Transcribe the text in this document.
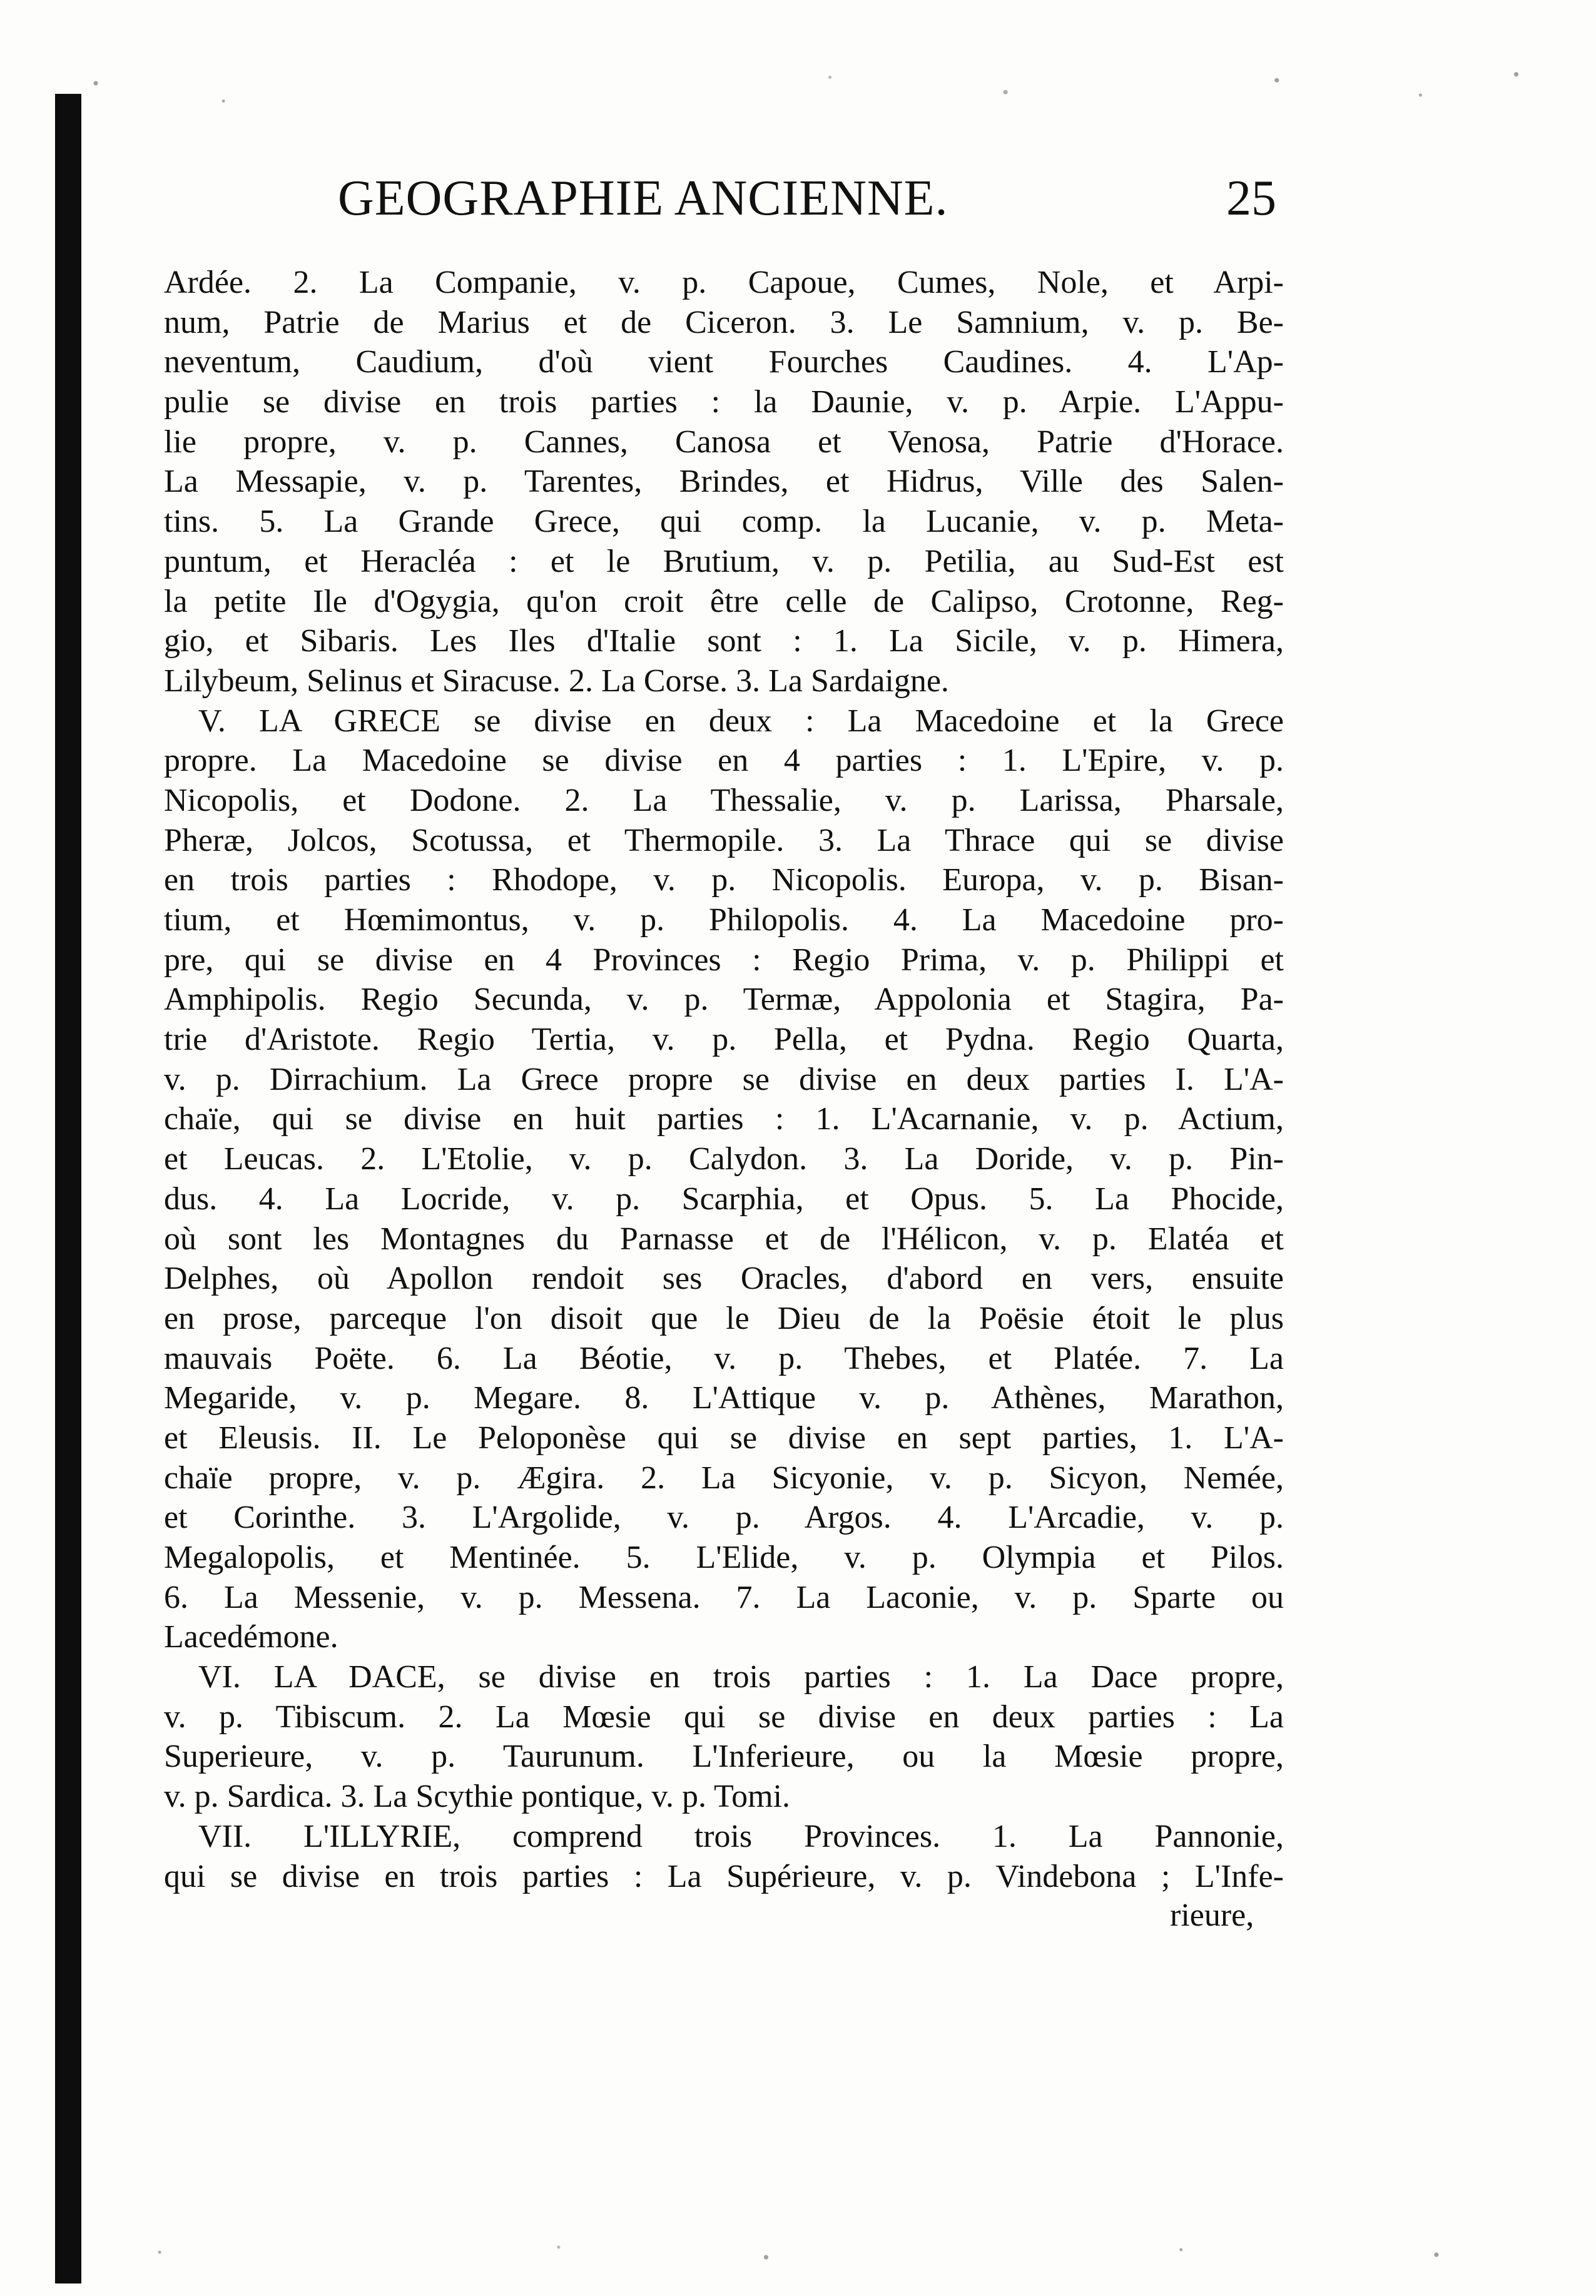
GEOGRAPHIE ANCIENNE.	25
Ardée. 2. La Companie, v. p. Capoue, Cumes, Nole, et Arpi-
num, Patrie de Marius et de Ciceron. 3. Le Samnium, v. p. Be-
neventum, Caudium, d'où vient Fourches Caudines. 4. L'Ap-
pulie se divise en trois parties : la Daunie, v. p. Arpie. L'Appu-
lie propre, v. p. Cannes, Canosa et Venosa, Patrie d'Horace.
La Messapie, v. p. Tarentes, Brindes, et Hidrus, Ville des Salen-
tins. 5. La Grande Grece, qui comp. la Lucanie, v. p. Meta-
puntum, et Heracléa : et le Brutium, v. p. Petilia, au Sud-Est est
la petite Ile d'Ogygia, qu'on croit être celle de Calipso, Crotonne, Reg-
gio, et Sibaris. Les Iles d'Italie sont : 1. La Sicile, v. p. Himera,
Lilybeum, Selinus et Siracuse. 2. La Corse. 3. La Sardaigne.
V. LA GRECE se divise en deux : La Macedoine et la Grece
propre. La Macedoine se divise en 4 parties : 1. L'Epire, v. p.
Nicopolis, et Dodone. 2. La Thessalie, v. p. Larissa, Pharsale,
Pheræ, Jolcos, Scotussa, et Thermopile. 3. La Thrace qui se divise
en trois parties : Rhodope, v. p. Nicopolis. Europa, v. p. Bisan-
tium, et Hœmimontus, v. p. Philopolis. 4. La Macedoine pro-
pre, qui se divise en 4 Provinces : Regio Prima, v. p. Philippi et
Amphipolis. Regio Secunda, v. p. Termæ, Appolonia et Stagira, Pa-
trie d'Aristote. Regio Tertia, v. p. Pella, et Pydna. Regio Quarta,
v. p. Dirrachium. La Grece propre se divise en deux parties I. L'A-
chaïe, qui se divise en huit parties : 1. L'Acarnanie, v. p. Actium,
et Leucas. 2. L'Etolie, v. p. Calydon. 3. La Doride, v. p. Pin-
dus. 4. La Locride, v. p. Scarphia, et Opus. 5. La Phocide,
où sont les Montagnes du Parnasse et de l'Hélicon, v. p. Elatéa et
Delphes, où Apollon rendoit ses Oracles, d'abord en vers, ensuite
en prose, parceque l'on disoit que le Dieu de la Poësie étoit le plus
mauvais Poëte. 6. La Béotie, v. p. Thebes, et Platée. 7. La
Megaride, v. p. Megare. 8. L'Attique v. p. Athènes, Marathon,
et Eleusis. II. Le Peloponèse qui se divise en sept parties, 1. L'A-
chaïe propre, v. p. Ægira. 2. La Sicyonie, v. p. Sicyon, Nemée,
et Corinthe. 3. L'Argolide, v. p. Argos. 4. L'Arcadie, v. p.
Megalopolis, et Mentinée. 5. L'Elide, v. p. Olympia et Pilos.
6. La Messenie, v. p. Messena. 7. La Laconie, v. p. Sparte ou
Lacedémone.
VI. LA DACE, se divise en trois parties : 1. La Dace propre,
v. p. Tibiscum. 2. La Mœsie qui se divise en deux parties : La
Superieure, v. p. Taurunum. L'Inferieure, ou la Mœsie propre,
v. p. Sardica. 3. La Scythie pontique, v. p. Tomi.
VII. L'ILLYRIE, comprend trois Provinces. 1. La Pannonie,
qui se divise en trois parties : La Supérieure, v. p. Vindebona ; L'Infe-
rieure,
